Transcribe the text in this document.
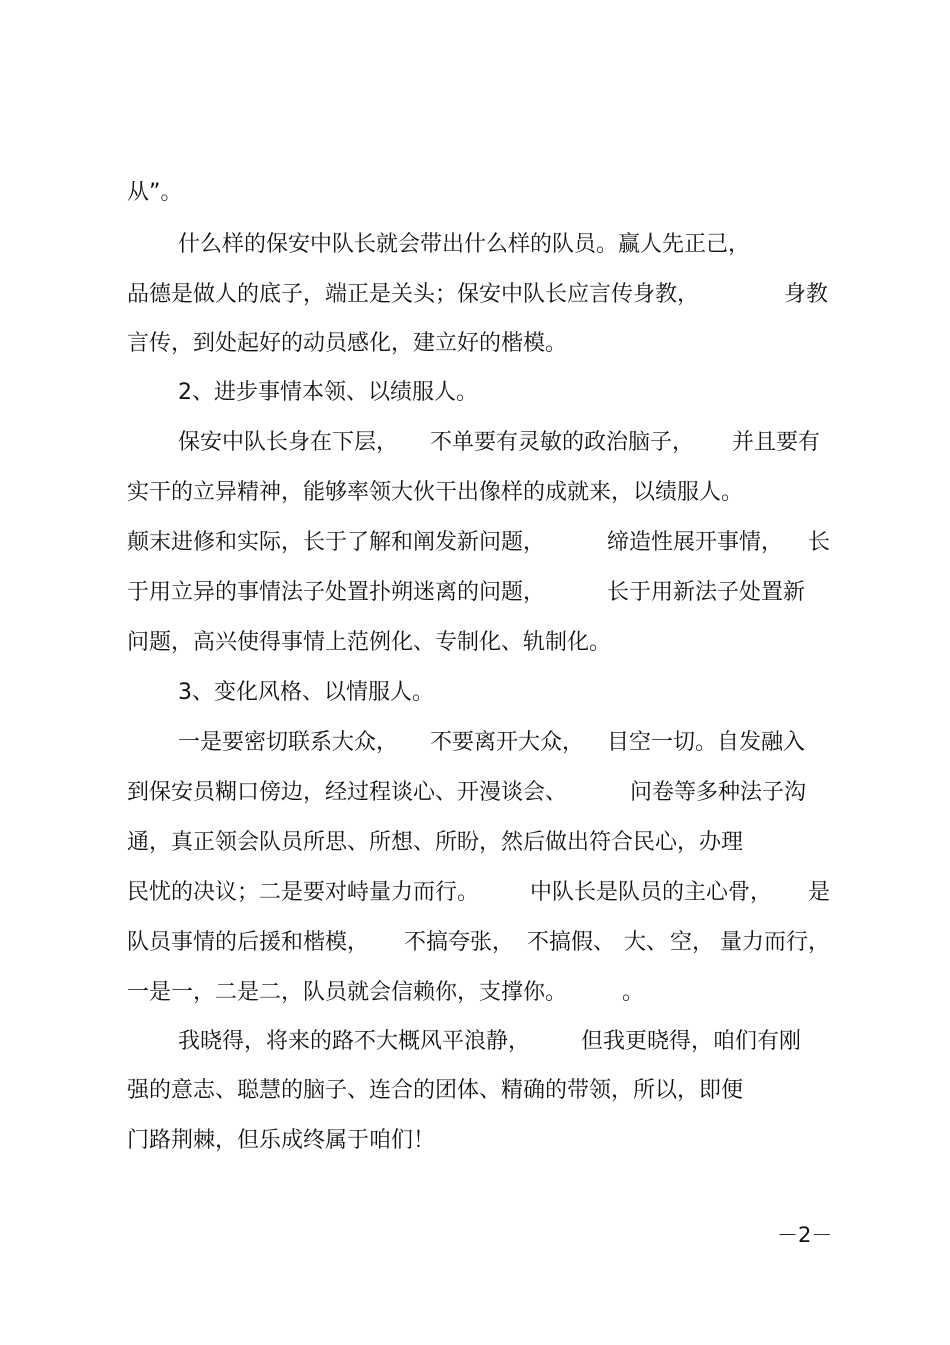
从”。
什么样的保安中队长就会带出什么样的队员。赢人先正己，
品德是做人的底子，端正是关头；保安中队长应言传身教，	身教
言传，到处起好的动员感化，建立好的楷模。
2、进步事情本领、以绩服人。
保安中队长身在下层， 不单要有灵敏的政治脑子， 并且要有
实干的立异精神，能够率领大伙干出像样的成就来，以绩服人。
颠末进修和实际，长于了解和阐发新问题，	缔造性展开事情， 长
于用立异的事情法子处置扑朔迷离的问题，	长于用新法子处置新
问题，高兴使得事情上范例化、专制化、轨制化。
3、变化风格、以情服人。
一是要密切联系大众， 不要离开大众， 目空一切。自发融入
到保安员糊口傍边，经过程谈心、开漫谈会、	问卷等多种法子沟
通，真正领会队员所思、所想、所盼，然后做出符合民心，办理
民忧的决议；二是要对峙量力而行。 中队长是队员的主心骨， 是
队员事情的后援和楷模， 不搞夸张， 不搞假、 大、 空， 量力而行，
一是一，二是二，队员就会信赖你，支撑你。 。
我晓得，将来的路不大概风平浪静， 但我更晓得，咱们有刚
强的意志、聪慧的脑子、连合的团体、精确的带领，所以，即便
门路荆棘，但乐成终属于咱们！
－2－
